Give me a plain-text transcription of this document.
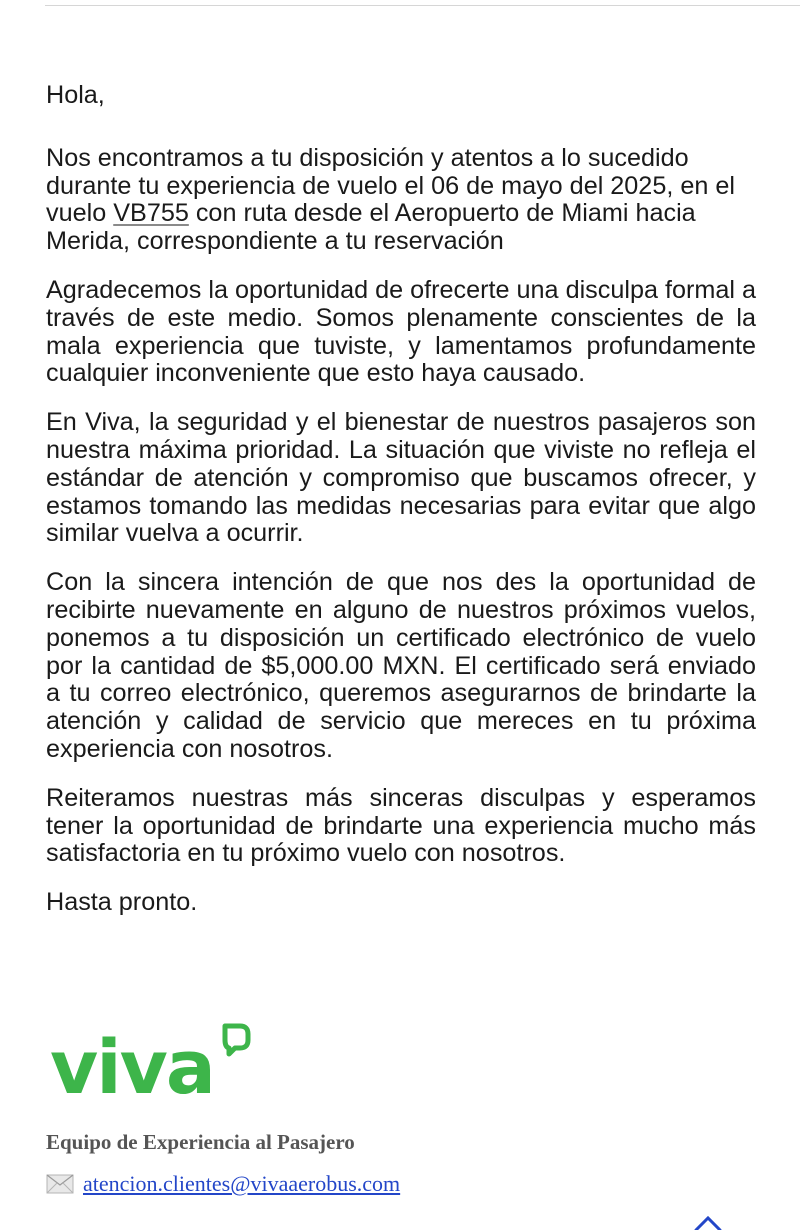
Hola,

Nos encontramos a tu disposición y atentos a lo sucedido durante tu experiencia de vuelo el 06 de mayo del 2025, en el vuelo VB755 con ruta desde el Aeropuerto de Miami hacia Merida, correspondiente a tu reservación

Agradecemos la oportunidad de ofrecerte una disculpa formal a través de este medio. Somos plenamente conscientes de la mala experiencia que tuviste, y lamentamos profundamente cualquier inconveniente que esto haya causado.

En Viva, la seguridad y el bienestar de nuestros pasajeros son nuestra máxima prioridad. La situación que viviste no refleja el estándar de atención y compromiso que buscamos ofrecer, y estamos tomando las medidas necesarias para evitar que algo similar vuelva a ocurrir.

Con la sincera intención de que nos des la oportunidad de recibirte nuevamente en alguno de nuestros próximos vuelos, ponemos a tu disposición un certificado electrónico de vuelo por la cantidad de $5,000.00 MXN. El certificado será enviado a tu correo electrónico, queremos asegurarnos de brindarte la atención y calidad de servicio que mereces en tu próxima experiencia con nosotros.

Reiteramos nuestras más sinceras disculpas y esperamos tener la oportunidad de brindarte una experiencia mucho más satisfactoria en tu próximo vuelo con nosotros.

Hasta pronto.

viva
Equipo de Experiencia al Pasajero
atencion.clientes@vivaaerobus.com
